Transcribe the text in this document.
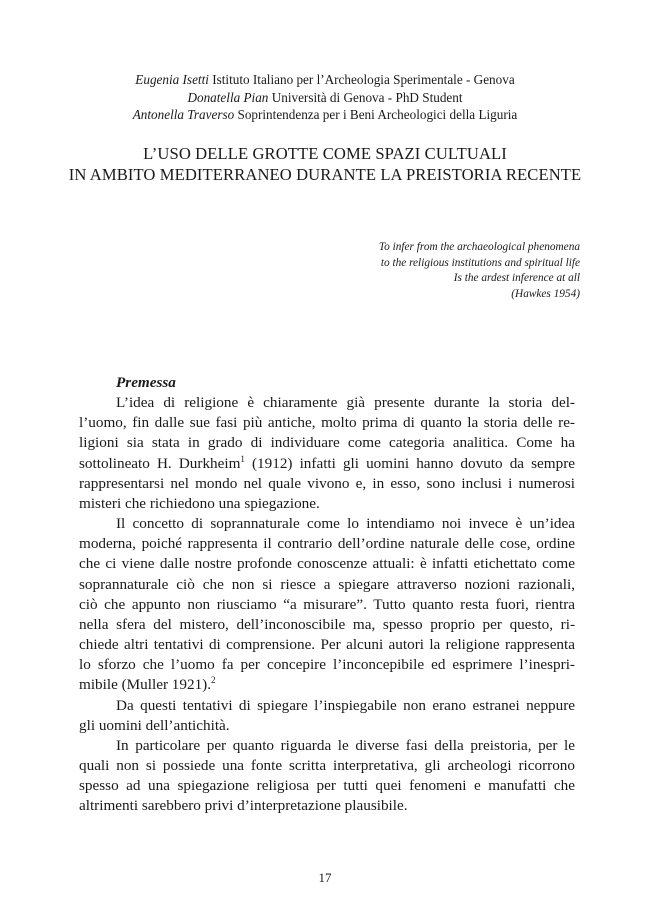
Eugenia Isetti Istituto Italiano per l’Archeologia Sperimentale - Genova
Donatella Pian Università di Genova - PhD Student
Antonella Traverso Soprintendenza per i Beni Archeologici della Liguria
L’USO DELLE GROTTE COME SPAZI CULTUALI
IN AMBITO MEDITERRANEO DURANTE LA PREISTORIA RECENTE
To infer from the archaeological phenomena
to the religious institutions and spiritual life
Is the ardest inference at all
(Hawkes 1954)
Premessa
L’idea di religione è chiaramente già presente durante la storia del-
l’uomo, fin dalle sue fasi più antiche, molto prima di quanto la storia delle re-
ligioni sia stata in grado di individuare come categoria analitica. Come ha
sottolineato H. Durkheim$^1$ (1912) infatti gli uomini hanno dovuto da sempre
rappresentarsi nel mondo nel quale vivono e, in esso, sono inclusi i numerosi
misteri che richiedono una spiegazione.
Il concetto di soprannaturale come lo intendiamo noi invece è un’idea
moderna, poiché rappresenta il contrario dell’ordine naturale delle cose, ordine
che ci viene dalle nostre profonde conoscenze attuali: è infatti etichettato come
soprannaturale ciò che non si riesce a spiegare attraverso nozioni razionali,
ciò che appunto non riusciamo “a misurare”. Tutto quanto resta fuori, rientra
nella sfera del mistero, dell’inconoscibile ma, spesso proprio per questo, ri-
chiede altri tentativi di comprensione. Per alcuni autori la religione rappresenta
lo sforzo che l’uomo fa per concepire l’inconcepibile ed esprimere l’inespri-
mibile (Muller 1921).$^2$
Da questi tentativi di spiegare l’inspiegabile non erano estranei neppure
gli uomini dell’antichità.
In particolare per quanto riguarda le diverse fasi della preistoria, per le
quali non si possiede una fonte scritta interpretativa, gli archeologi ricorrono
spesso ad una spiegazione religiosa per tutti quei fenomeni e manufatti che
altrimenti sarebbero privi d’interpretazione plausibile.
17
